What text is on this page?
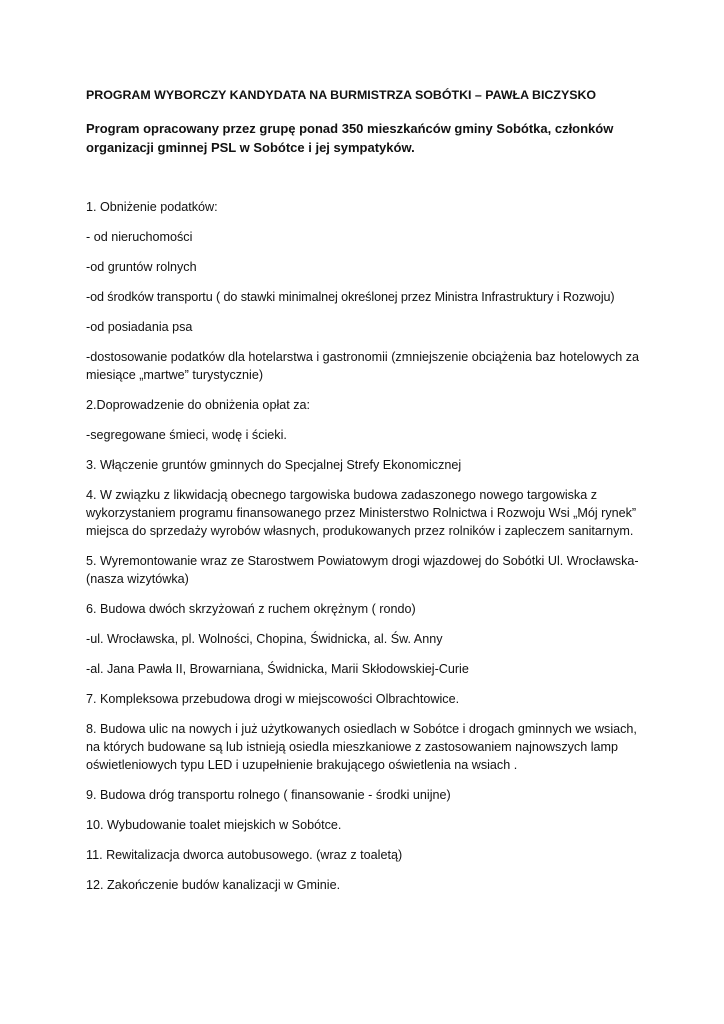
PROGRAM WYBORCZY KANDYDATA NA BURMISTRZA SOBÓTKI – PAWŁA BICZYSKO
Program opracowany przez grupę ponad 350 mieszkańców gminy Sobótka, członków organizacji gminnej PSL w Sobótce i jej sympatyków.

1. Obniżenie podatków:

- od nieruchomości

-od gruntów rolnych

-od środków transportu ( do stawki minimalnej określonej przez Ministra Infrastruktury i Rozwoju)

-od posiadania psa

-dostosowanie podatków dla hotelarstwa i gastronomii (zmniejszenie obciążenia baz hotelowych za miesiące „martwe” turystycznie)

2.Doprowadzenie do obniżenia opłat za:

-segregowane śmieci, wodę i ścieki.

3. Włączenie gruntów gminnych do Specjalnej Strefy Ekonomicznej

4. W związku z likwidacją obecnego targowiska budowa zadaszonego nowego targowiska z wykorzystaniem programu finansowanego przez Ministerstwo Rolnictwa i Rozwoju Wsi „Mój rynek” miejsca do sprzedaży wyrobów własnych, produkowanych przez rolników i zapleczem sanitarnym.

5. Wyremontowanie wraz ze Starostwem Powiatowym drogi wjazdowej do Sobótki Ul. Wrocławska- (nasza wizytówka)

6. Budowa dwóch skrzyżowań z ruchem okrężnym ( rondo)

-ul. Wrocławska, pl. Wolności, Chopina, Świdnicka, al. Św. Anny

-al. Jana Pawła II, Browarniana, Świdnicka, Marii Skłodowskiej-Curie

7. Kompleksowa przebudowa drogi w miejscowości Olbrachtowice.

8. Budowa ulic na nowych i już użytkowanych osiedlach w Sobótce i drogach gminnych we wsiach, na których budowane są lub istnieją osiedla mieszkaniowe z zastosowaniem najnowszych lamp oświetleniowych typu LED i uzupełnienie brakującego oświetlenia na wsiach .

9. Budowa dróg transportu rolnego ( finansowanie - środki unijne)

10. Wybudowanie toalet miejskich w Sobótce.

11. Rewitalizacja dworca autobusowego. (wraz z toaletą)

12. Zakończenie budów kanalizacji w Gminie.
